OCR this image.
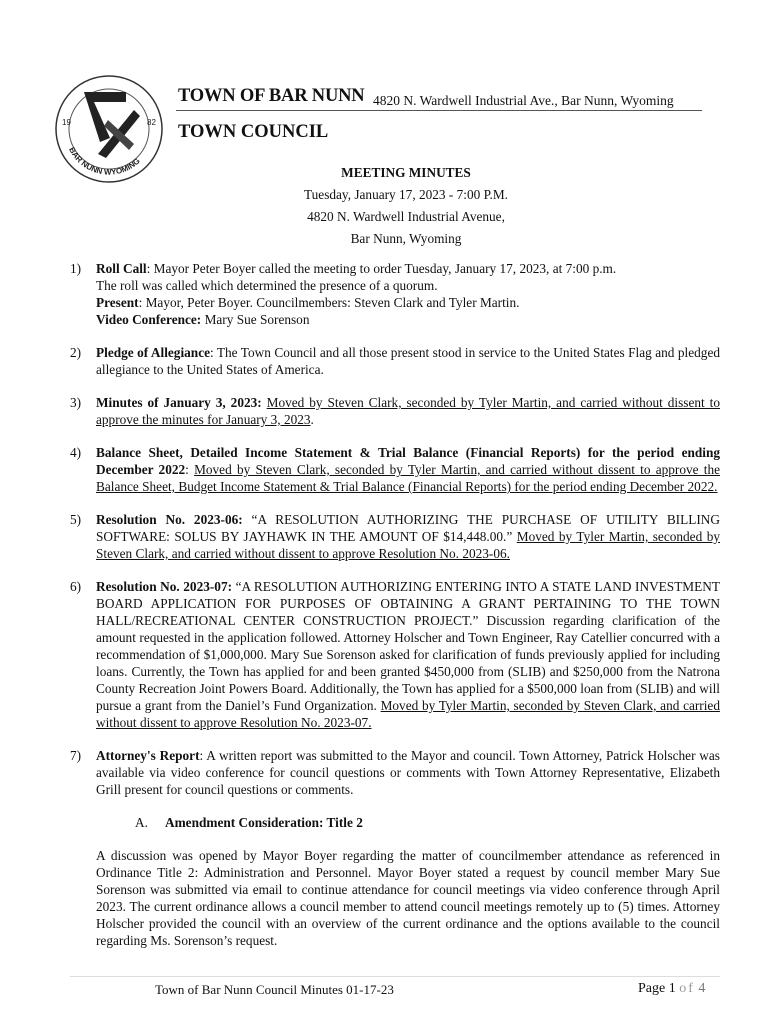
19	82
BAR NUNN WYOMING
TOWN OF BAR NUNN 4820 N. Wardwell Industrial Ave., Bar Nunn, Wyoming
TOWN COUNCIL
MEETING MINUTES
Tuesday, January 17, 2023 - 7:00 P.M.
4820 N. Wardwell Industrial Avenue,
Bar Nunn, Wyoming
1) Roll Call: Mayor Peter Boyer called the meeting to order Tuesday, January 17, 2023, at 7:00 p.m.
The roll was called which determined the presence of a quorum.
Present: Mayor, Peter Boyer. Councilmembers: Steven Clark and Tyler Martin.
Video Conference: Mary Sue Sorenson
2) Pledge of Allegiance: The Town Council and all those present stood in service to the United States Flag and pledged allegiance to the United States of America.
3) Minutes of January 3, 2023: Moved by Steven Clark, seconded by Tyler Martin, and carried without dissent to approve the minutes for January 3, 2023.
4) Balance Sheet, Detailed Income Statement & Trial Balance (Financial Reports) for the period ending December 2022: Moved by Steven Clark, seconded by Tyler Martin, and carried without dissent to approve the Balance Sheet, Budget Income Statement & Trial Balance (Financial Reports) for the period ending December 2022.
5) Resolution No. 2023-06: “A RESOLUTION AUTHORIZING THE PURCHASE OF UTILITY BILLING SOFTWARE: SOLUS BY JAYHAWK IN THE AMOUNT OF $14,448.00.” Moved by Tyler Martin, seconded by Steven Clark, and carried without dissent to approve Resolution No. 2023-06.
6) Resolution No. 2023-07: “A RESOLUTION AUTHORIZING ENTERING INTO A STATE LAND INVESTMENT BOARD APPLICATION FOR PURPOSES OF OBTAINING A GRANT PERTAINING TO THE TOWN HALL/RECREATIONAL CENTER CONSTRUCTION PROJECT.” Discussion regarding clarification of the amount requested in the application followed. Attorney Holscher and Town Engineer, Ray Catellier concurred with a recommendation of $1,000,000. Mary Sue Sorenson asked for clarification of funds previously applied for including loans. Currently, the Town has applied for and been granted $450,000 from (SLIB) and $250,000 from the Natrona County Recreation Joint Powers Board. Additionally, the Town has applied for a $500,000 loan from (SLIB) and will pursue a grant from the Daniel’s Fund Organization. Moved by Tyler Martin, seconded by Steven Clark, and carried without dissent to approve Resolution No. 2023-07.
7) Attorney's Report: A written report was submitted to the Mayor and council. Town Attorney, Patrick Holscher was available via video conference for council questions or comments with Town Attorney Representative, Elizabeth Grill present for council questions or comments.
A. Amendment Consideration: Title 2
A discussion was opened by Mayor Boyer regarding the matter of councilmember attendance as referenced in Ordinance Title 2: Administration and Personnel. Mayor Boyer stated a request by council member Mary Sue Sorenson was submitted via email to continue attendance for council meetings via video conference through April 2023. The current ordinance allows a council member to attend council meetings remotely up to (5) times. Attorney Holscher provided the council with an overview of the current ordinance and the options available to the council regarding Ms. Sorenson’s request.
Town of Bar Nunn Council Minutes 01-17-23	Page 1 of 4
